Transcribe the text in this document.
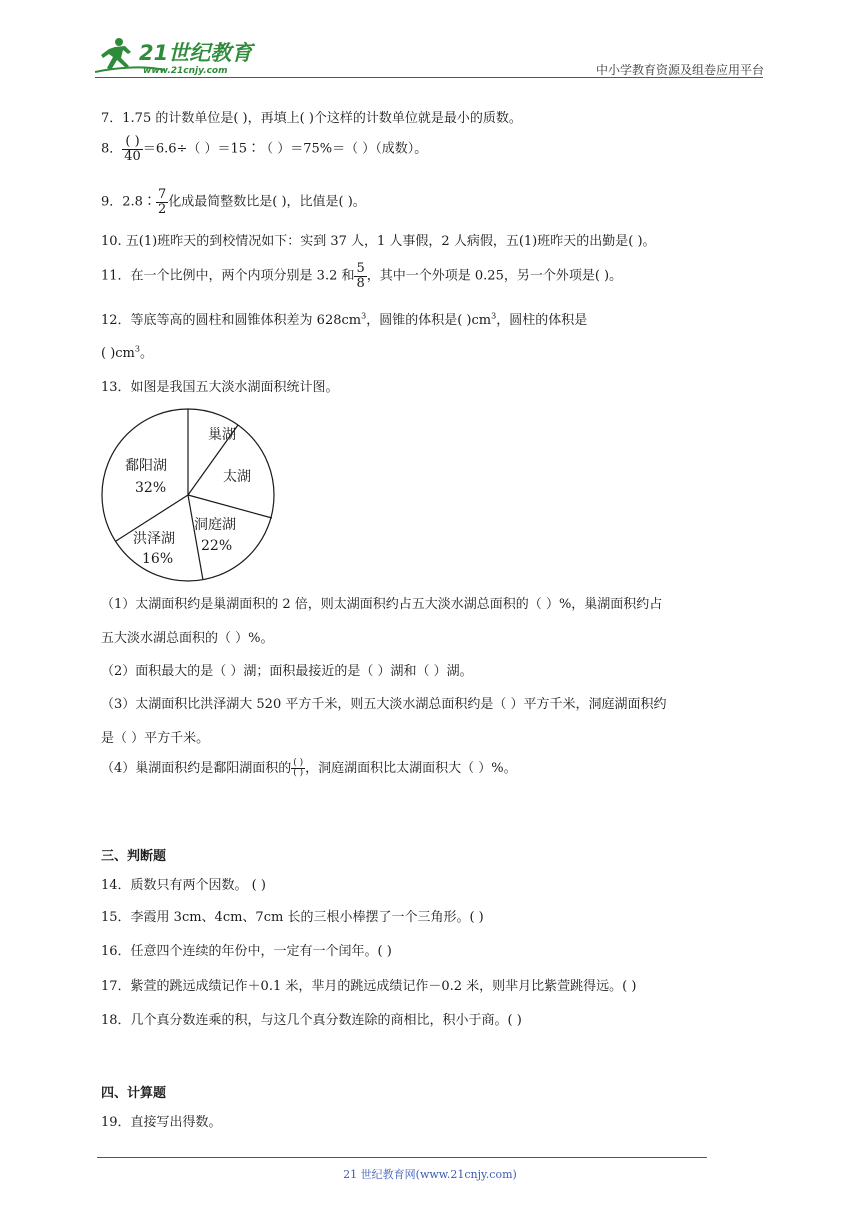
21世纪教育
www.21cnjy.com	中小学教育资源及组卷应用平台
7．1.75 的计数单位是( )，再填上( )个这样的计数单位就是最小的质数。
8． $\frac{( )}{40} =6.6\div$（ ）＝15∶（ ）＝75%＝（ ）（成数）。
9．2.8∶ $\frac{7}{2}$ 化成最简整数比是( )，比值是( )。
10. 五(1)班昨天的到校情况如下：实到 37 人，1 人事假，2 人病假，五(1)班昨天的出勤是( )。
11．在一个比例中，两个内项分别是 3.2 和 $\frac{5}{8}$ ，其中一个外项是 0.25，另一个外项是( )。
12．等底等高的圆柱和圆锥体积差为 $628cm^3$，圆锥的体积是( )$cm^3$，圆柱的体积是
( )$cm^3$。
13．如图是我国五大淡水湖面积统计图。
巢湖
太湖
洞庭湖
22%
洪泽湖
16%
鄱阳湖
32%
（1）太湖面积约是巢湖面积的 2 倍，则太湖面积约占五大淡水湖总面积的（ ）%，巢湖面积约占
五大淡水湖总面积的（ ）%。
（2）面积最大的是（ ）湖；面积最接近的是（ ）湖和（ ）湖。
（3）太湖面积比洪泽湖大 520 平方千米，则五大淡水湖总面积约是（ ）平方千米，洞庭湖面积约
是（ ）平方千米。
（4）巢湖面积约是鄱阳湖面积的 $\frac{( )}{( )}$ ，洞庭湖面积比太湖面积大（ ）%。
三、判断题
14．质数只有两个因数。 ( )
15．李霞用 3cm、4cm、7cm 长的三根小棒摆了一个三角形。( )
16．任意四个连续的年份中，一定有一个闰年。( )
17．紫萱的跳远成绩记作＋0.1 米，芈月的跳远成绩记作－0.2 米，则芈月比紫萱跳得远。( )
18．几个真分数连乘的积，与这几个真分数连除的商相比，积小于商。( )
四、计算题
19．直接写出得数。
21 世纪教育网(www.21cnjy.com)
